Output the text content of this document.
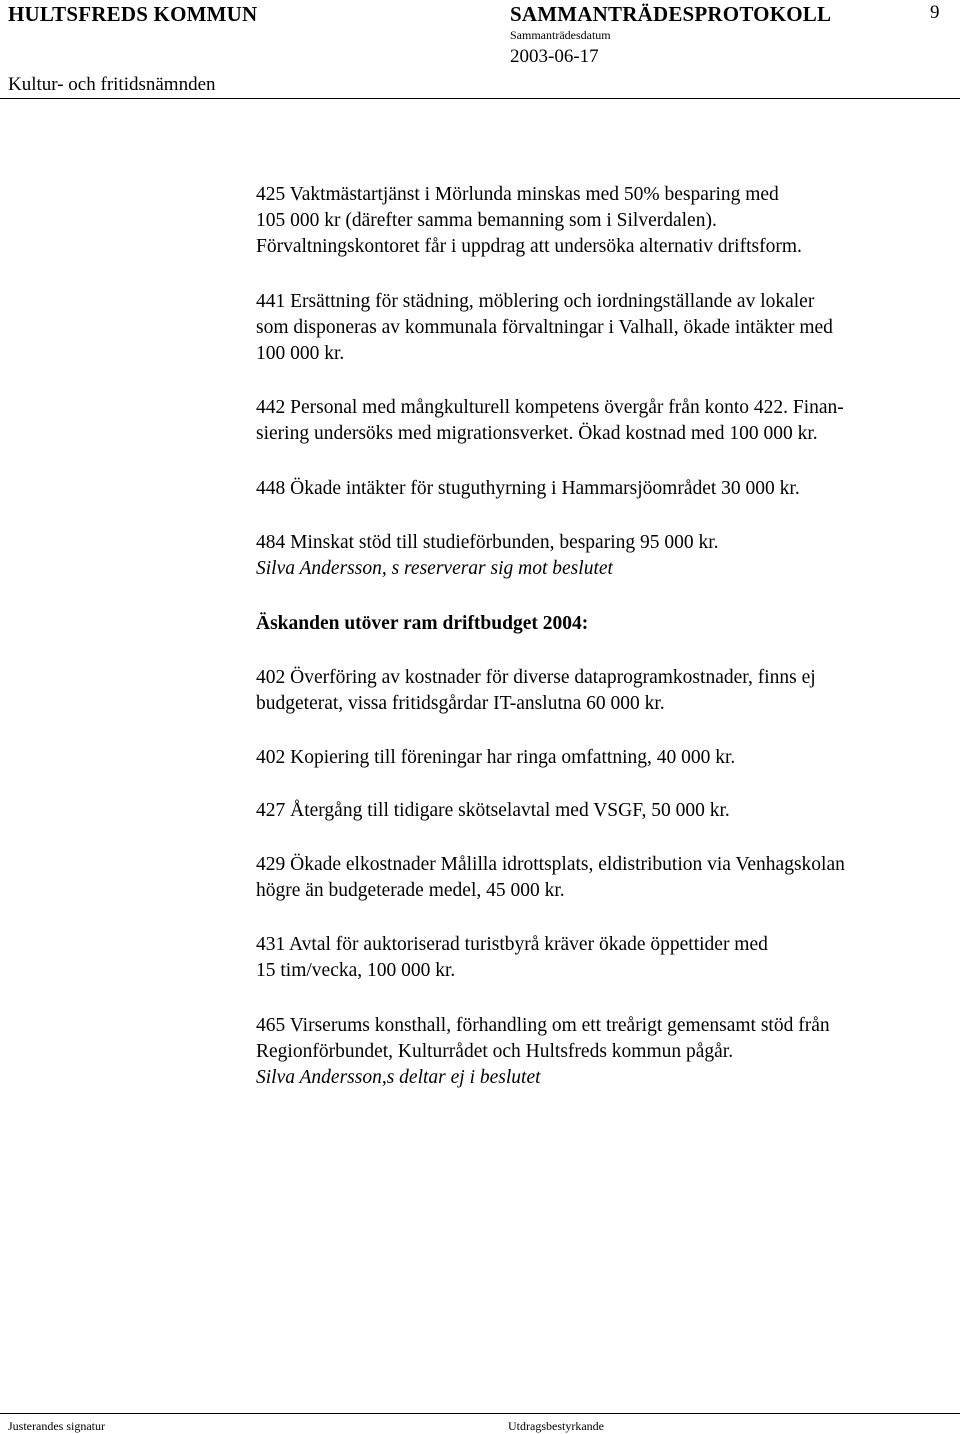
HULTSFREDS KOMMUN	SAMMANTRÄDESPROTOKOLL	9
Sammanträdesdatum
2003-06-17
Kultur- och fritidsnämnden
425 Vaktmästartjänst i Mörlunda minskas med 50% besparing med
105 000 kr (därefter samma bemanning som i Silverdalen).
Förvaltningskontoret får i uppdrag att undersöka alternativ driftsform.
441 Ersättning för städning, möblering och iordningställande av lokaler
som disponeras av kommunala förvaltningar i Valhall, ökade intäkter med
100 000 kr.
442 Personal med mångkulturell kompetens övergår från konto 422. Finan-
siering undersöks med migrationsverket. Ökad kostnad med 100 000 kr.
448 Ökade intäkter för stuguthyrning i Hammarsjöområdet 30 000 kr.
484 Minskat stöd till studieförbunden, besparing 95 000 kr.
Silva Andersson, s reserverar sig mot beslutet
Äskanden utöver ram driftbudget 2004:
402 Överföring av kostnader för diverse dataprogramkostnader, finns ej
budgeterat, vissa fritidsgårdar IT-anslutna 60 000 kr.
402 Kopiering till föreningar har ringa omfattning, 40 000 kr.
427 Återgång till tidigare skötselavtal med VSGF, 50 000 kr.
429 Ökade elkostnader Målilla idrottsplats, eldistribution via Venhagskolan
högre än budgeterade medel, 45 000 kr.
431 Avtal för auktoriserad turistbyrå kräver ökade öppettider med
15 tim/vecka, 100 000 kr.
465 Virserums konsthall, förhandling om ett treårigt gemensamt stöd från
Regionförbundet, Kulturrådet och Hultsfreds kommun pågår.
Silva Andersson,s deltar ej i beslutet
Justerandes signatur	Utdragsbestyrkande
